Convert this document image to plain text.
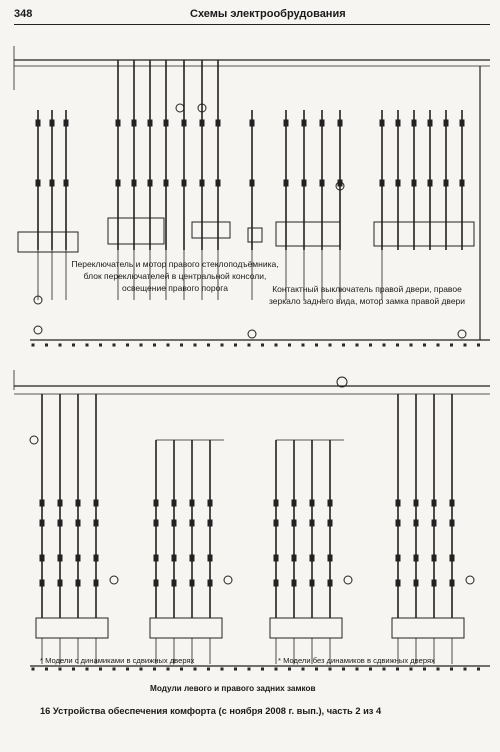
348	Схемы электрообрудования
Переключатель и мотор правого стеклоподъёмника, блок переключателей в центральной консоли, освещение правого порога	Контактный выключатель правой двери, правое зеркало заднего вида, мотор замка правой двери
* Модели с динамиками в сдвижных дверях	* Модели без динамиков в сдвижных дверях
Модули левого и правого задних замков
16 Устройства обеспечения комфорта (с ноября 2008 г. вып.), часть 2 из 4
